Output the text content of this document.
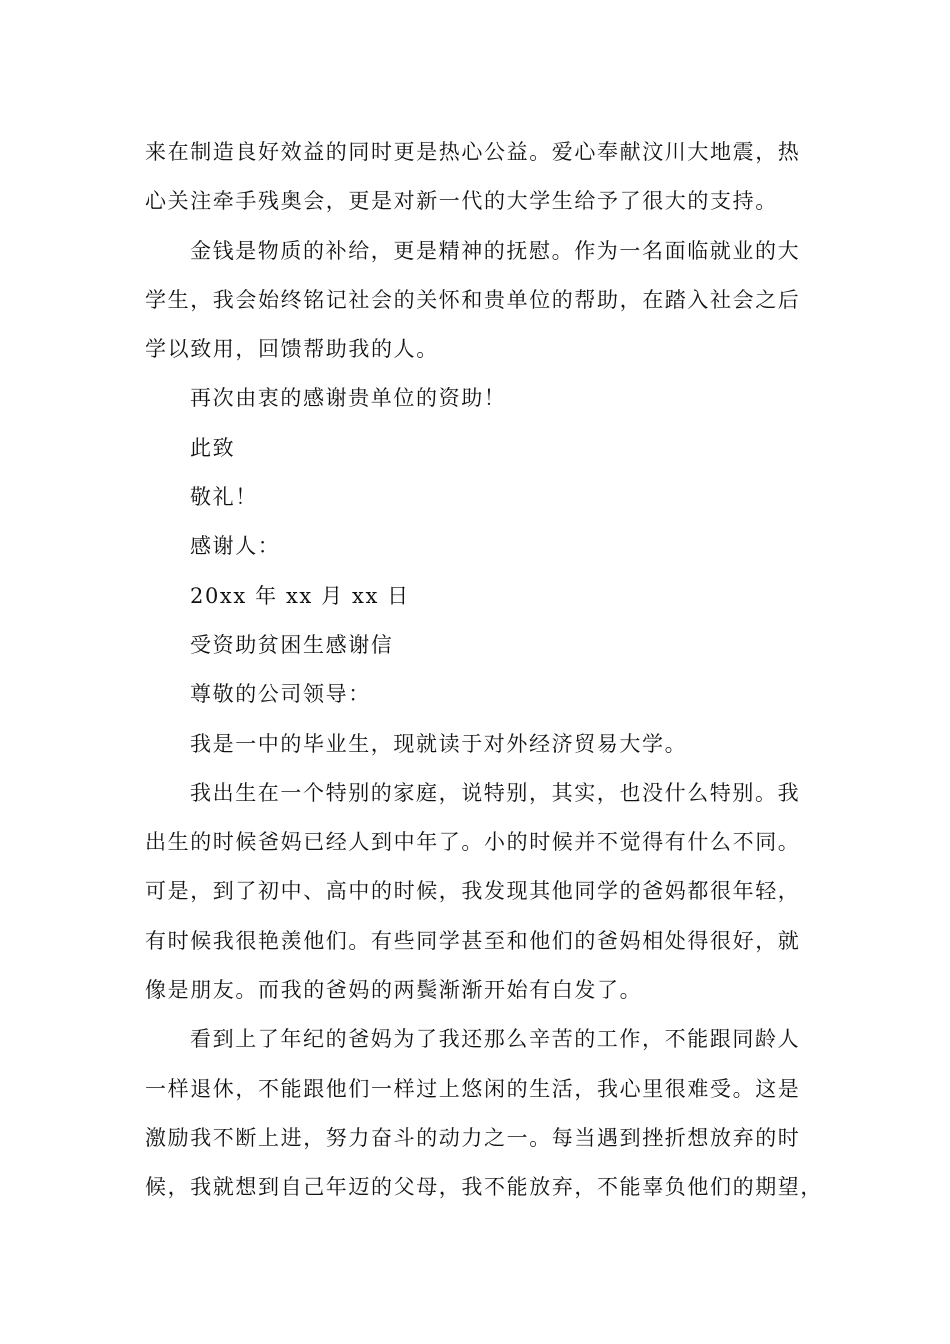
来在制造良好效益的同时更是热心公益。爱心奉献汶川大地震，热
心关注牵手残奥会，更是对新一代的大学生给予了很大的支持。
金钱是物质的补给，更是精神的抚慰。作为一名面临就业的大
学生，我会始终铭记社会的关怀和贵单位的帮助，在踏入社会之后
学以致用，回馈帮助我的人。
再次由衷的感谢贵单位的资助！
此致
敬礼！
感谢人：
20xx 年 xx 月 xx 日
受资助贫困生感谢信
尊敬的公司领导：
我是一中的毕业生，现就读于对外经济贸易大学。
我出生在一个特别的家庭，说特别，其实，也没什么特别。我
出生的时候爸妈已经人到中年了。小的时候并不觉得有什么不同。
可是，到了初中、高中的时候，我发现其他同学的爸妈都很年轻，
有时候我很艳羡他们。有些同学甚至和他们的爸妈相处得很好，就
像是朋友。而我的爸妈的两鬓渐渐开始有白发了。
看到上了年纪的爸妈为了我还那么辛苦的工作，不能跟同龄人
一样退休，不能跟他们一样过上悠闲的生活，我心里很难受。这是
激励我不断上进，努力奋斗的动力之一。每当遇到挫折想放弃的时
候，我就想到自己年迈的父母，我不能放弃，不能辜负他们的期望，
